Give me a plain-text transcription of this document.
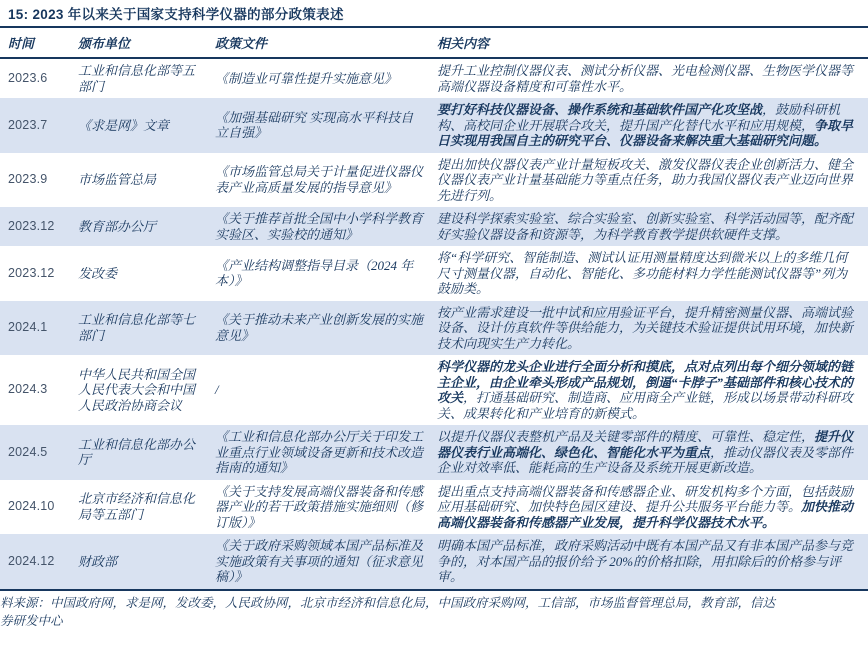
15: 2023 年以来关于国家支持科学仪器的部分政策表述
时间	颁布单位	政策文件	相关内容
2023.6	工业和信息化部等五部门	《制造业可靠性提升实施意见》	提升工业控制仪器仪表、测试分析仪器、光电检测仪器、生物医学仪器等高端仪器设备精度和可靠性水平。
2023.7	《求是网》文章	《加强基础研究 实现高水平科技自立自强》	要打好科技仪器设备、操作系统和基础软件国产化攻坚战，鼓励科研机构、高校同企业开展联合攻关，提升国产化替代水平和应用规模，争取早日实现用我国自主的研究平台、仪器设备来解决重大基础研究问题。
2023.9	市场监管总局	《市场监管总局关于计量促进仪器仪表产业高质量发展的指导意见》	提出加快仪器仪表产业计量短板攻关、激发仪器仪表企业创新活力、健全仪器仪表产业计量基础能力等重点任务，助力我国仪器仪表产业迈向世界先进行列。
2023.12	教育部办公厅	《关于推荐首批全国中小学科学教育实验区、实验校的通知》	建设科学探索实验室、综合实验室、创新实验室、科学活动园等，配齐配好实验仪器设备和资源等，为科学教育教学提供软硬件支撑。
2023.12	发改委	《产业结构调整指导目录（2024 年本）》	将“科学研究、智能制造、测试认证用测量精度达到微米以上的多维几何尺寸测量仪器，自动化、智能化、多功能材料力学性能测试仪器等”列为鼓励类。
2024.1	工业和信息化部等七部门	《关于推动未来产业创新发展的实施意见》	按产业需求建设一批中试和应用验证平台，提升精密测量仪器、高端试验设备、设计仿真软件等供给能力，为关键技术验证提供试用环境，加快新技术向现实生产力转化。
2024.3	中华人民共和国全国人民代表大会和中国人民政治协商会议	/	科学仪器的龙头企业进行全面分析和摸底，点对点列出每个细分领域的链主企业，由企业牵头形成产品规划，倒逼“卡脖子”基础部件和核心技术的攻关，打通基础研究、制造商、应用商全产业链，形成以场景带动科研攻关、成果转化和产业培育的新模式。
2024.5	工业和信息化部办公厅	《工业和信息化部办公厅关于印发工业重点行业领域设备更新和技术改造指南的通知》	以提升仪器仪表整机产品及关键零部件的精度、可靠性、稳定性，提升仪器仪表行业高端化、绿色化、智能化水平为重点，推动仪器仪表及零部件企业对效率低、能耗高的生产设备及系统开展更新改造。
2024.10	北京市经济和信息化局等五部门	《关于支持发展高端仪器装备和传感器产业的若干政策措施实施细则（修订版）》	提出重点支持高端仪器装备和传感器企业、研发机构多个方面，包括鼓励应用基础研究、加快特色园区建设、提升公共服务平台能力等。加快推动高端仪器装备和传感器产业发展，提升科学仪器技术水平。
2024.12	财政部	《关于政府采购领域本国产品标准及实施政策有关事项的通知（征求意见稿）》	明确本国产品标准，政府采购活动中既有本国产品又有非本国产品参与竞争的，对本国产品的报价给予 20%的价格扣除，用扣除后的价格参与评审。
料来源：中国政府网，求是网，发改委，人民政协网，北京市经济和信息化局，中国政府采购网，工信部，市场监督管理总局，教育部，信达
券研发中心
